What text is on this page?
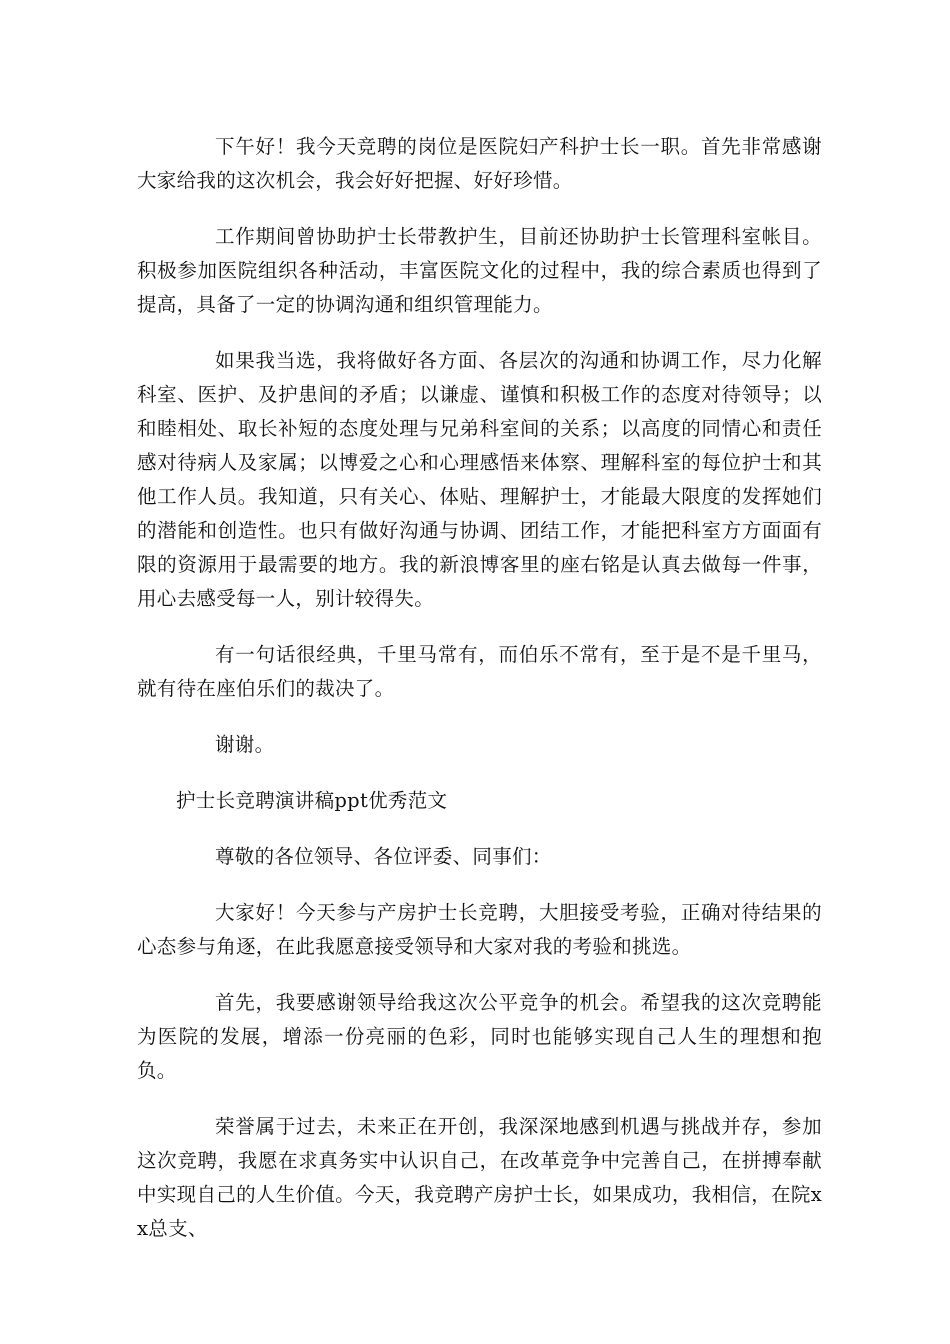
下午好！我今天竞聘的岗位是医院妇产科护士长一职。首先非常感谢大家给我的这次机会，我会好好把握、好好珍惜。

工作期间曾协助护士长带教护生，目前还协助护士长管理科室帐目。积极参加医院组织各种活动，丰富医院文化的过程中，我的综合素质也得到了提高，具备了一定的协调沟通和组织管理能力。

如果我当选，我将做好各方面、各层次的沟通和协调工作，尽力化解科室、医护、及护患间的矛盾；以谦虚、谨慎和积极工作的态度对待领导；以和睦相处、取长补短的态度处理与兄弟科室间的关系；以高度的同情心和责任感对待病人及家属；以博爱之心和心理感悟来体察、理解科室的每位护士和其他工作人员。我知道，只有关心、体贴、理解护士，才能最大限度的发挥她们的潜能和创造性。也只有做好沟通与协调、团结工作，才能把科室方方面面有限的资源用于最需要的地方。我的新浪博客里的座右铭是认真去做每一件事，用心去感受每一人，别计较得失。

有一句话很经典，千里马常有，而伯乐不常有，至于是不是千里马，就有待在座伯乐们的裁决了。

谢谢。

护士长竞聘演讲稿ppt优秀范文

尊敬的各位领导、各位评委、同事们：

大家好！今天参与产房护士长竞聘，大胆接受考验，正确对待结果的心态参与角逐，在此我愿意接受领导和大家对我的考验和挑选。

首先，我要感谢领导给我这次公平竞争的机会。希望我的这次竞聘能为医院的发展，增添一份亮丽的色彩，同时也能够实现自己人生的理想和抱负。

荣誉属于过去，未来正在开创，我深深地感到机遇与挑战并存，参加这次竞聘，我愿在求真务实中认识自己，在改革竞争中完善自己，在拼搏奉献中实现自己的人生价值。今天，我竞聘产房护士长，如果成功，我相信，在院xx总支、
